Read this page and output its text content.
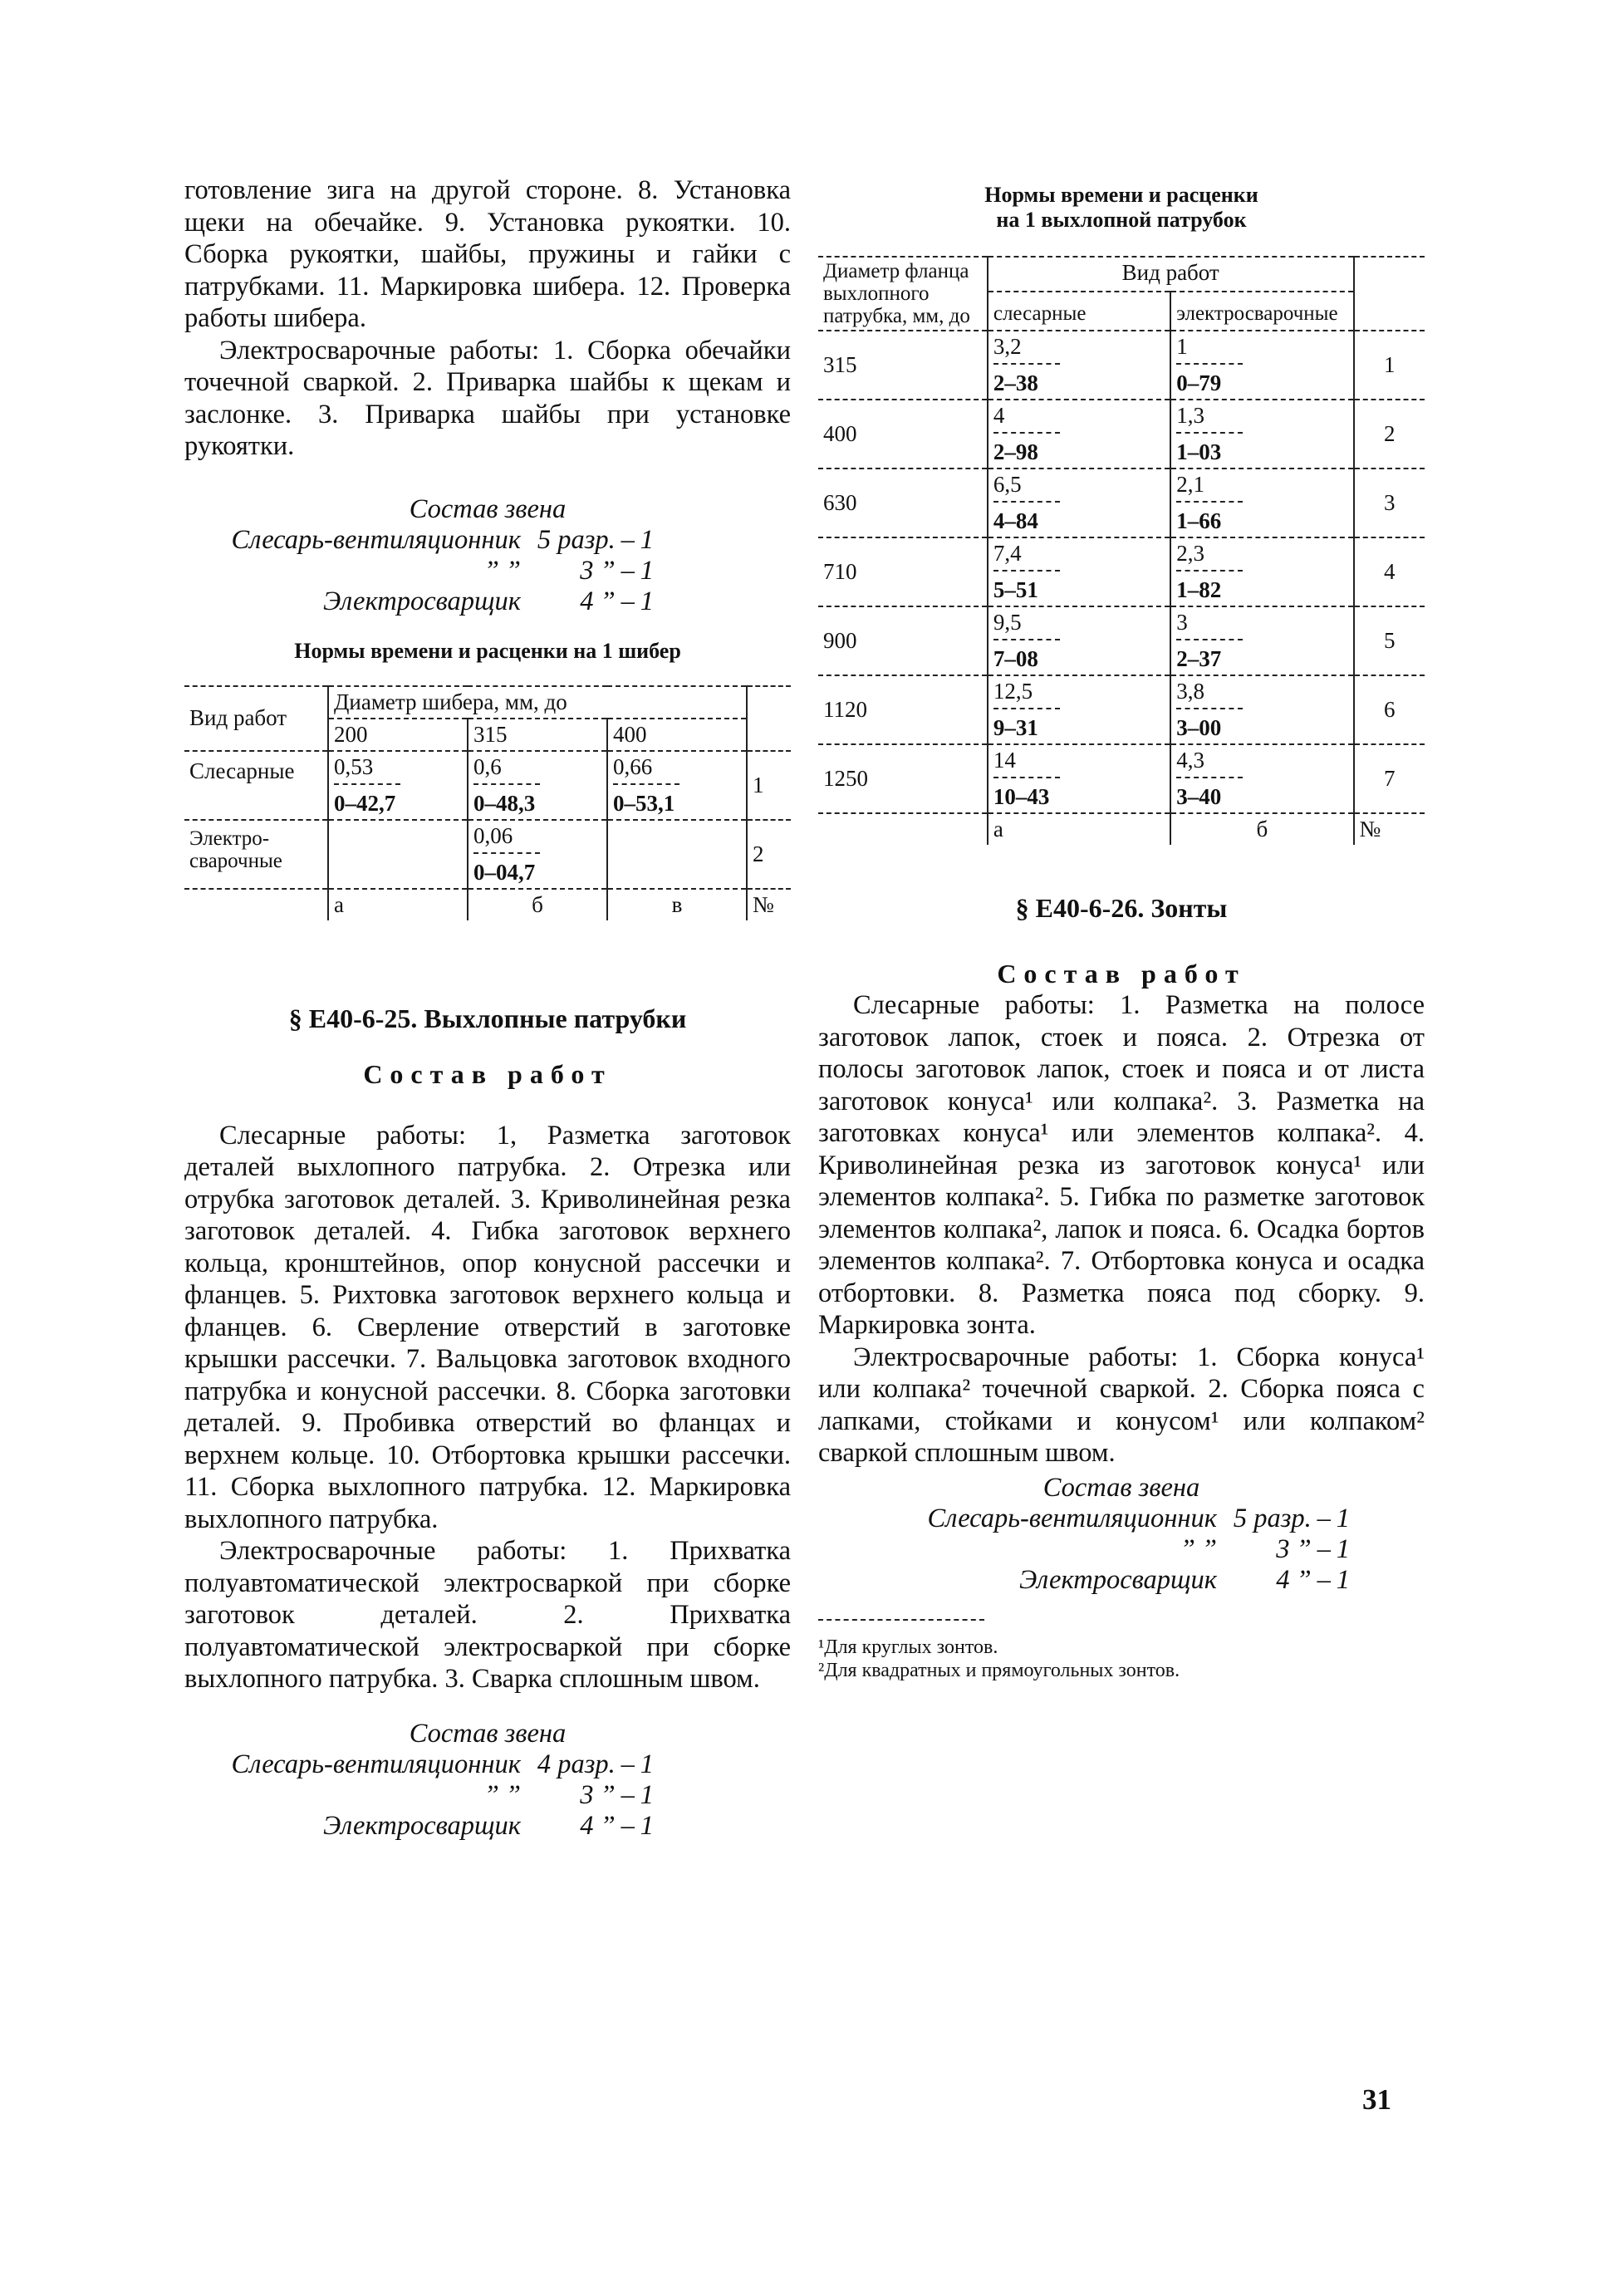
готовление зига на другой стороне. 8. Установка щеки на обечайке. 9. Установка рукоятки. 10. Сборка рукоятки, шайбы, пружины и гайки с патрубками. 11. Маркировка шибера. 12. Проверка работы шибера.

Электросварочные работы: 1. Сборка обечайки точечной сваркой. 2. Приварка шайбы к щекам и заслонке. 3. Приварка шайбы при установке рукоятки.

Состав звена

Слесарь-вентиляционник 5 разр. – 1
” ”	3 ” – 1
Электросварщик	4 ” – 1

Нормы времени и расценки на 1 шибер

Вид работ	Диаметр шибера, мм, до			
	200	315	400	
Слесарные	$\frac{0,53}{0-42,7}$	$\frac{0,6}{0-48,3}$	$\frac{0,66}{0-53,1}$	1
Электро-сварочные		$\frac{0,06}{0-04,7}$		2
	а	б	в	№

§ Е40-6-25. Выхлопные патрубки

Состав работ

Слесарные работы: 1, Разметка заготовок деталей выхлопного патрубка. 2. Отрезка или отрубка заготовок деталей. 3. Криволинейная резка заготовок деталей. 4. Гибка заготовок верхнего кольца, кронштейнов, опор конусной рассечки и фланцев. 5. Рихтовка заготовок верхнего кольца и фланцев. 6. Сверление отверстий в заготовке крышки рассечки. 7. Вальцовка заготовок входного патрубка и конусной рассечки. 8. Сборка заготовки деталей. 9. Пробивка отверстий во фланцах и верхнем кольце. 10. Отбортовка крышки рассечки. 11. Сборка выхлопного патрубка. 12. Маркировка выхлопного патрубка.

Электросварочные работы: 1. Прихватка полуавтоматической электросваркой при сборке заготовок деталей. 2. Прихватка полуавтоматической электросваркой при сборке выхлопного патрубка. 3. Сварка сплошным швом.

Состав звена

Слесарь-вентиляционник 4 разр. – 1
” ”	3 ” – 1
Электросварщик	4 ” – 1

Нормы времени и расценки

на 1 выхлопной патрубок

Диаметр фланца выхлопного патрубка, мм, до	Вид работ		
	слесарные	электросварочные	
315	$\frac{3,2}{2-38}$	$\frac{1}{0-79}$	1
400	$\frac{4}{2-98}$	$\frac{1,3}{1-03}$	2
630	$\frac{6,5}{4-84}$	$\frac{2,1}{1-66}$	3
710	$\frac{7,4}{5-51}$	$\frac{2,3}{1-82}$	4
900	$\frac{9,5}{7-08}$	$\frac{3}{2-37}$	5
1120	$\frac{12,5}{9-31}$	$\frac{3,8}{3-00}$	6
1250	$\frac{14}{10-43}$	$\frac{4,3}{3-40}$	7
	а	б	№

§ Е40-6-26. Зонты

Состав работ

Слесарные работы: 1. Разметка на полосе заготовок лапок, стоек и пояса. 2. Отрезка от полосы заготовок лапок, стоек и пояса и от листа заготовок конуса¹ или колпака². 3. Разметка на заготовках конуса¹ или элементов колпака². 4. Криволинейная резка из заготовок конуса¹ или элементов колпака². 5. Гибка по разметке заготовок элементов колпака², лапок и пояса. 6. Осадка бортов элементов колпака². 7. Отбортовка конуса и осадка отбортовки. 8. Разметка пояса под сборку. 9. Маркировка зонта.

Электросварочные работы: 1. Сборка конуса¹ или колпака² точечной сваркой. 2. Сборка пояса с лапками, стойками и конусом¹ или колпаком² сваркой сплошным швом.

Состав звена

Слесарь-вентиляционник 5 разр. – 1
” ”	3 ” – 1
Электросварщик	4 ” – 1

¹Для круглых зонтов.

²Для квадратных и прямоугольных зонтов.

31
